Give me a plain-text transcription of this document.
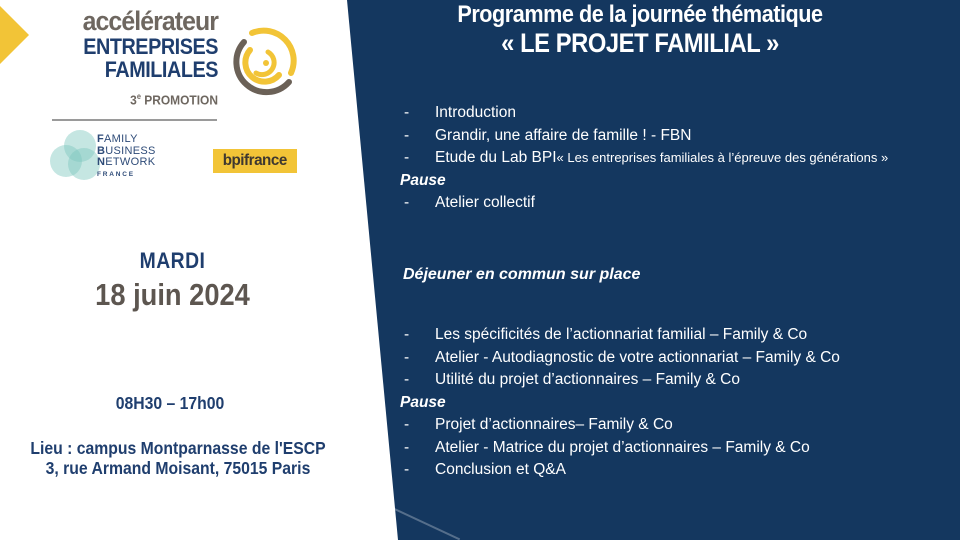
accélérateur
ENTREPRISES
FAMILIALES
3e PROMOTION
FAMILY
BUSINESS
NETWORK
FRANCE
bpifrance
MARDI
18 juin 2024
08H30 – 17h00
Lieu : campus Montparnasse de l'ESCP
3, rue Armand Moisant, 75015 Paris
Programme de la journée thématique
« LE PROJET FAMILIAL »
-	Introduction
-	Grandir, une affaire de famille ! - FBN
-	Etude du Lab BPI « Les entreprises familiales à l’épreuve des générations »
Pause
-	Atelier collectif
Déjeuner en commun sur place
-	Les spécificités de l’actionnariat familial – Family & Co
-	Atelier - Autodiagnostic de votre actionnariat – Family & Co
-	Utilité du projet d’actionnaires – Family & Co
Pause
-	Projet d’actionnaires– Family & Co
-	Atelier - Matrice du projet d’actionnaires – Family & Co
-	Conclusion et Q&A
